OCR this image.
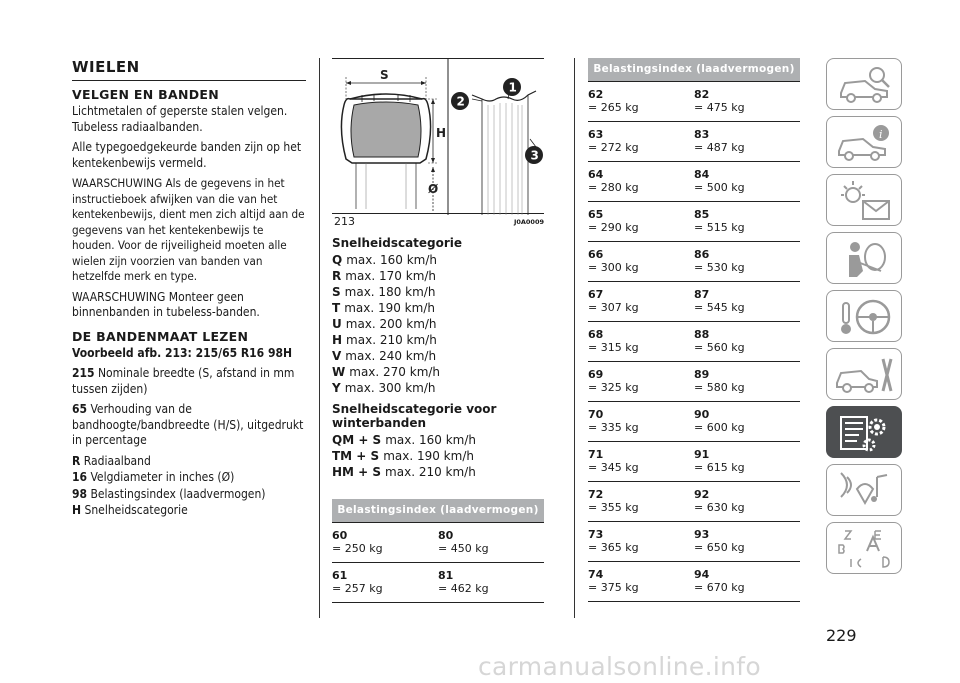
WIELEN
VELGEN EN BANDEN
Lichtmetalen of geperste stalen velgen. Tubeless radiaalbanden.
Alle typegoedgekeurde banden zijn op het kentekenbewijs vermeld.
WAARSCHUWING Als de gegevens in het instructieboek afwijken van die van het kentekenbewijs, dient men zich altijd aan de gegevens van het kentekenbewijs te houden. Voor de rijveiligheid moeten alle wielen zijn voorzien van banden van hetzelfde merk en type.
WAARSCHUWING Monteer geen binnenbanden in tubeless-banden.
DE BANDENMAAT LEZEN
Voorbeeld afb. 213: 215/65 R16 98H
215 Nominale breedte (S, afstand in mm tussen zijden)
65 Verhouding van de bandhoogte/bandbreedte (H/S), uitgedrukt in percentage
R Radiaalband
16 Velgdiameter in inches (Ø)
98 Belastingsindex (laadvermogen)
H Snelheidscategorie
S
H
Ø
1
2
3
213	J0A0009
Snelheidscategorie
Q max. 160 km/h
R max. 170 km/h
S max. 180 km/h
T max. 190 km/h
U max. 200 km/h
H max. 210 km/h
V max. 240 km/h
W max. 270 km/h
Y max. 300 km/h
Snelheidscategorie voor winterbanden
QM + S max. 160 km/h
TM + S max. 190 km/h
HM + S max. 210 km/h
Belastingsindex (laadvermogen)
60
= 250 kg
80
= 450 kg
61
= 257 kg
81
= 462 kg
Belastingsindex (laadvermogen)
62
= 265 kg
82
= 475 kg
63
= 272 kg
83
= 487 kg
64
= 280 kg
84
= 500 kg
65
= 290 kg
85
= 515 kg
66
= 300 kg
86
= 530 kg
67
= 307 kg
87
= 545 kg
68
= 315 kg
88
= 560 kg
69
= 325 kg
89
= 580 kg
70
= 335 kg
90
= 600 kg
71
= 345 kg
91
= 615 kg
72
= 355 kg
92
= 630 kg
73
= 365 kg
93
= 650 kg
74
= 375 kg
94
= 670 kg
i
229
carmanualsonline.info
